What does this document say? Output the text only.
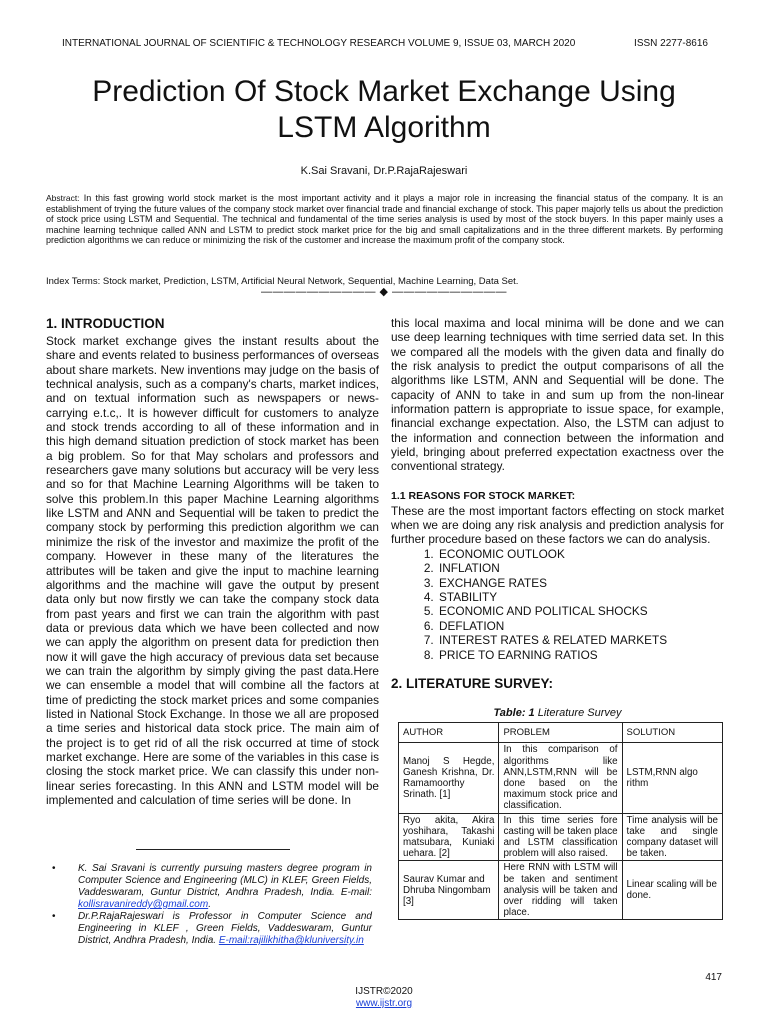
INTERNATIONAL JOURNAL OF SCIENTIFIC & TECHNOLOGY RESEARCH VOLUME 9, ISSUE 03, MARCH 2020	ISSN 2277-8616
Prediction Of Stock Market Exchange Using
LSTM Algorithm
K.Sai Sravani, Dr.P.RajaRajeswari
Abstract: In this fast growing world stock market is the most important activity and it plays a major role in increasing the financial status of the company. It is an establishment of trying the future values of the company stock market over financial trade and financial exchange of stock. This paper majorly tells us about the prediction of stock price using LSTM and Sequential. The technical and fundamental of the time series analysis is used by most of the stock buyers. In this paper mainly uses a machine learning technique called ANN and LSTM to predict stock market price for the big and small capitalizations and in the three different markets. By performing prediction algorithms we can reduce or minimizing the risk of the customer and increase the maximum profit of the company stock.
Index Terms: Stock market, Prediction, LSTM, Artificial Neural Network, Sequential, Machine Learning, Data Set.
—————————— ◆ ——————————
1. INTRODUCTION

Stock market exchange gives the instant results about the share and events related to business performances of overseas about share markets. New inventions may judge on the basis of technical analysis, such as a company's charts, market indices, and on textual information such as newspapers or news-carrying e.t.c,. It is however difficult for customers to analyze and stock trends according to all of these information and in this high demand situation prediction of stock market has been a big problem. So for that May scholars and professors and researchers gave many solutions but accuracy will be very less and so for that Machine Learning Algorithms will be taken to solve this problem.In this paper Machine Learning algorithms like LSTM and ANN and Sequential will be taken to predict the company stock by performing this prediction algorithm we can minimize the risk of the investor and maximize the profit of the company. However in these many of the literatures the attributes will be taken and give the input to machine learning algorithms and the machine will gave the output by present data only but now firstly we can take the company stock data from past years and first we can train the algorithm with past data or previous data which we have been collected and now we can apply the algorithm on present data for prediction then now it will gave the high accuracy of previous data set because we can train the algorithm by simply giving the past data.Here we can ensemble a model that will combine all the factors at time of predicting the stock market prices and some companies listed in National Stock Exchange. In those we all are proposed a time series and historical data stock price. The main aim of the project is to get rid of all the risk occurred at time of stock market exchange. Here are some of the variables in this case is closing the stock market price. We can classify this under non-linear series forecasting. In this ANN and LSTM model will be implemented and calculation of time series will be done. In

this local maxima and local minima will be done and we can use deep learning techniques with time serried data set. In this we compared all the models with the given data and finally do the risk analysis to predict the output comparisons of all the algorithms like LSTM, ANN and Sequential will be done. The capacity of ANN to take in and sum up from the non-linear information pattern is appropriate to issue space, for example, financial exchange expectation. Also, the LSTM can adjust to the information and connection between the information and yield, bringing about preferred expectation exactness over the conventional strategy.

1.1 REASONS FOR STOCK MARKET:

These are the most important factors effecting on stock market when we are doing any risk analysis and prediction analysis for further procedure based on these factors we can do analysis.

1. ECONOMIC OUTLOOK
2. INFLATION
3. EXCHANGE RATES
4. STABILITY
5. ECONOMIC AND POLITICAL SHOCKS
6. DEFLATION
7. INTEREST RATES & RELATED MARKETS
8. PRICE TO EARNING RATIOS
2. LITERATURE SURVEY:
Table: 1 Literature Survey
AUTHOR	PROBLEM	SOLUTION
Manoj S Hegde, Ganesh Krishna, Dr. Ramamoorthy Srinath. [1]	In this comparison of algorithms like ANN,LSTM,RNN will be done based on the maximum stock price and classification.	LSTM,RNN algo rithm
Ryo akita, Akira yoshihara, Takashi matsubara, Kuniaki uehara. [2]	In this time series fore casting will be taken place and LSTM classification problem will also raised.	Time analysis will be take and single company dataset will be taken.
Saurav Kumar and Dhruba Ningombam [3]	Here RNN with LSTM will be taken and sentiment analysis will be taken and over ridding will taken place.	Linear scaling will be done.
• K. Sai Sravani is currently pursuing masters degree program in Computer Science and Engineering (MLC) in KLEF, Green Fields, Vaddeswaram, Guntur District, Andhra Pradesh, India. E-mail: kollisravanireddy@gmail.com.
• Dr.P.RajaRajeswari is Professor in Computer Science and Engineering in KLEF , Green Fields, Vaddeswaram, Guntur District, Andhra Pradesh, India. E-mail:rajilikhitha@kluniversity.in
417
IJSTR©2020
www.ijstr.org
